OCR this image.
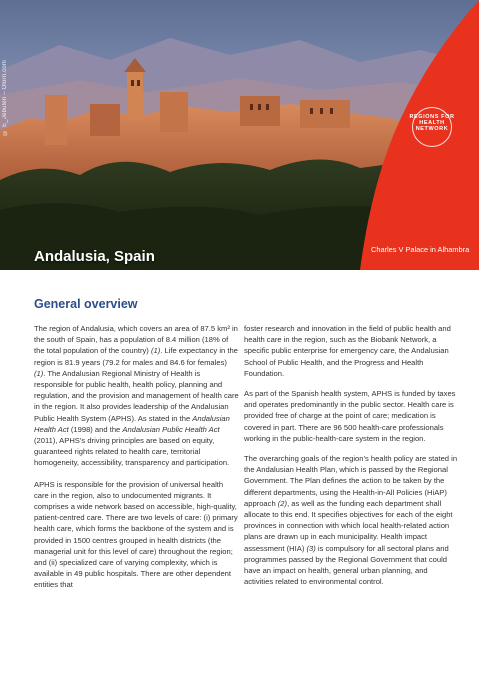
REGIONS FOR HEALTH NETWORK
© E_Jebulen – Olorn.com
Andalusia, Spain	Charles V Palace in Alhambra
General overview

The region of Andalusia, which covers an area of 87.5 km² in the south of Spain, has a population of 8.4 million (18% of the total population of the country) (1). Life expectancy in the region is 81.9 years (79.2 for males and 84.6 for females) (1). The Andalusian Regional Ministry of Health is responsible for public health, health policy, planning and regulation, and the provision and management of health care in the region. It also provides leadership of the Andalusian Public Health System (APHS). As stated in the Andalusian Health Act (1998) and the Andalusian Public Health Act (2011), APHS’s driving principles are based on equity, guaranteed rights related to health care, territorial homogeneity, accessibility, transparency and participation.

APHS is responsible for the provision of universal health care in the region, also to undocumented migrants. It comprises a wide network based on accessible, high-quality, patient-centred care. There are two levels of care: (i) primary health care, which forms the backbone of the system and is provided in 1500 centres grouped in health districts (the managerial unit for this level of care) throughout the region; and (ii) specialized care of varying complexity, which is available in 49 public hospitals. There are other dependent entities that

foster research and innovation in the field of public health and health care in the region, such as the Biobank Network, a specific public enterprise for emergency care, the Andalusian School of Public Health, and the Progress and Health Foundation.

As part of the Spanish health system, APHS is funded by taxes and operates predominantly in the public sector. Health care is provided free of charge at the point of care; medication is covered in part. There are 96 500 health-care professionals working in the public-health-care system in the region.

The overarching goals of the region’s health policy are stated in the Andalusian Health Plan, which is passed by the Regional Government. The Plan defines the action to be taken by the different departments, using the Health-in-All Policies (HiAP) approach (2), as well as the funding each department shall allocate to this end. It specifies objectives for each of the eight provinces in connection with which local health-related action plans are drawn up in each municipality. Health impact assessment (HIA) (3) is compulsory for all sectoral plans and programmes passed by the Regional Government that could have an impact on health, general urban planning, and activities related to environmental control.
